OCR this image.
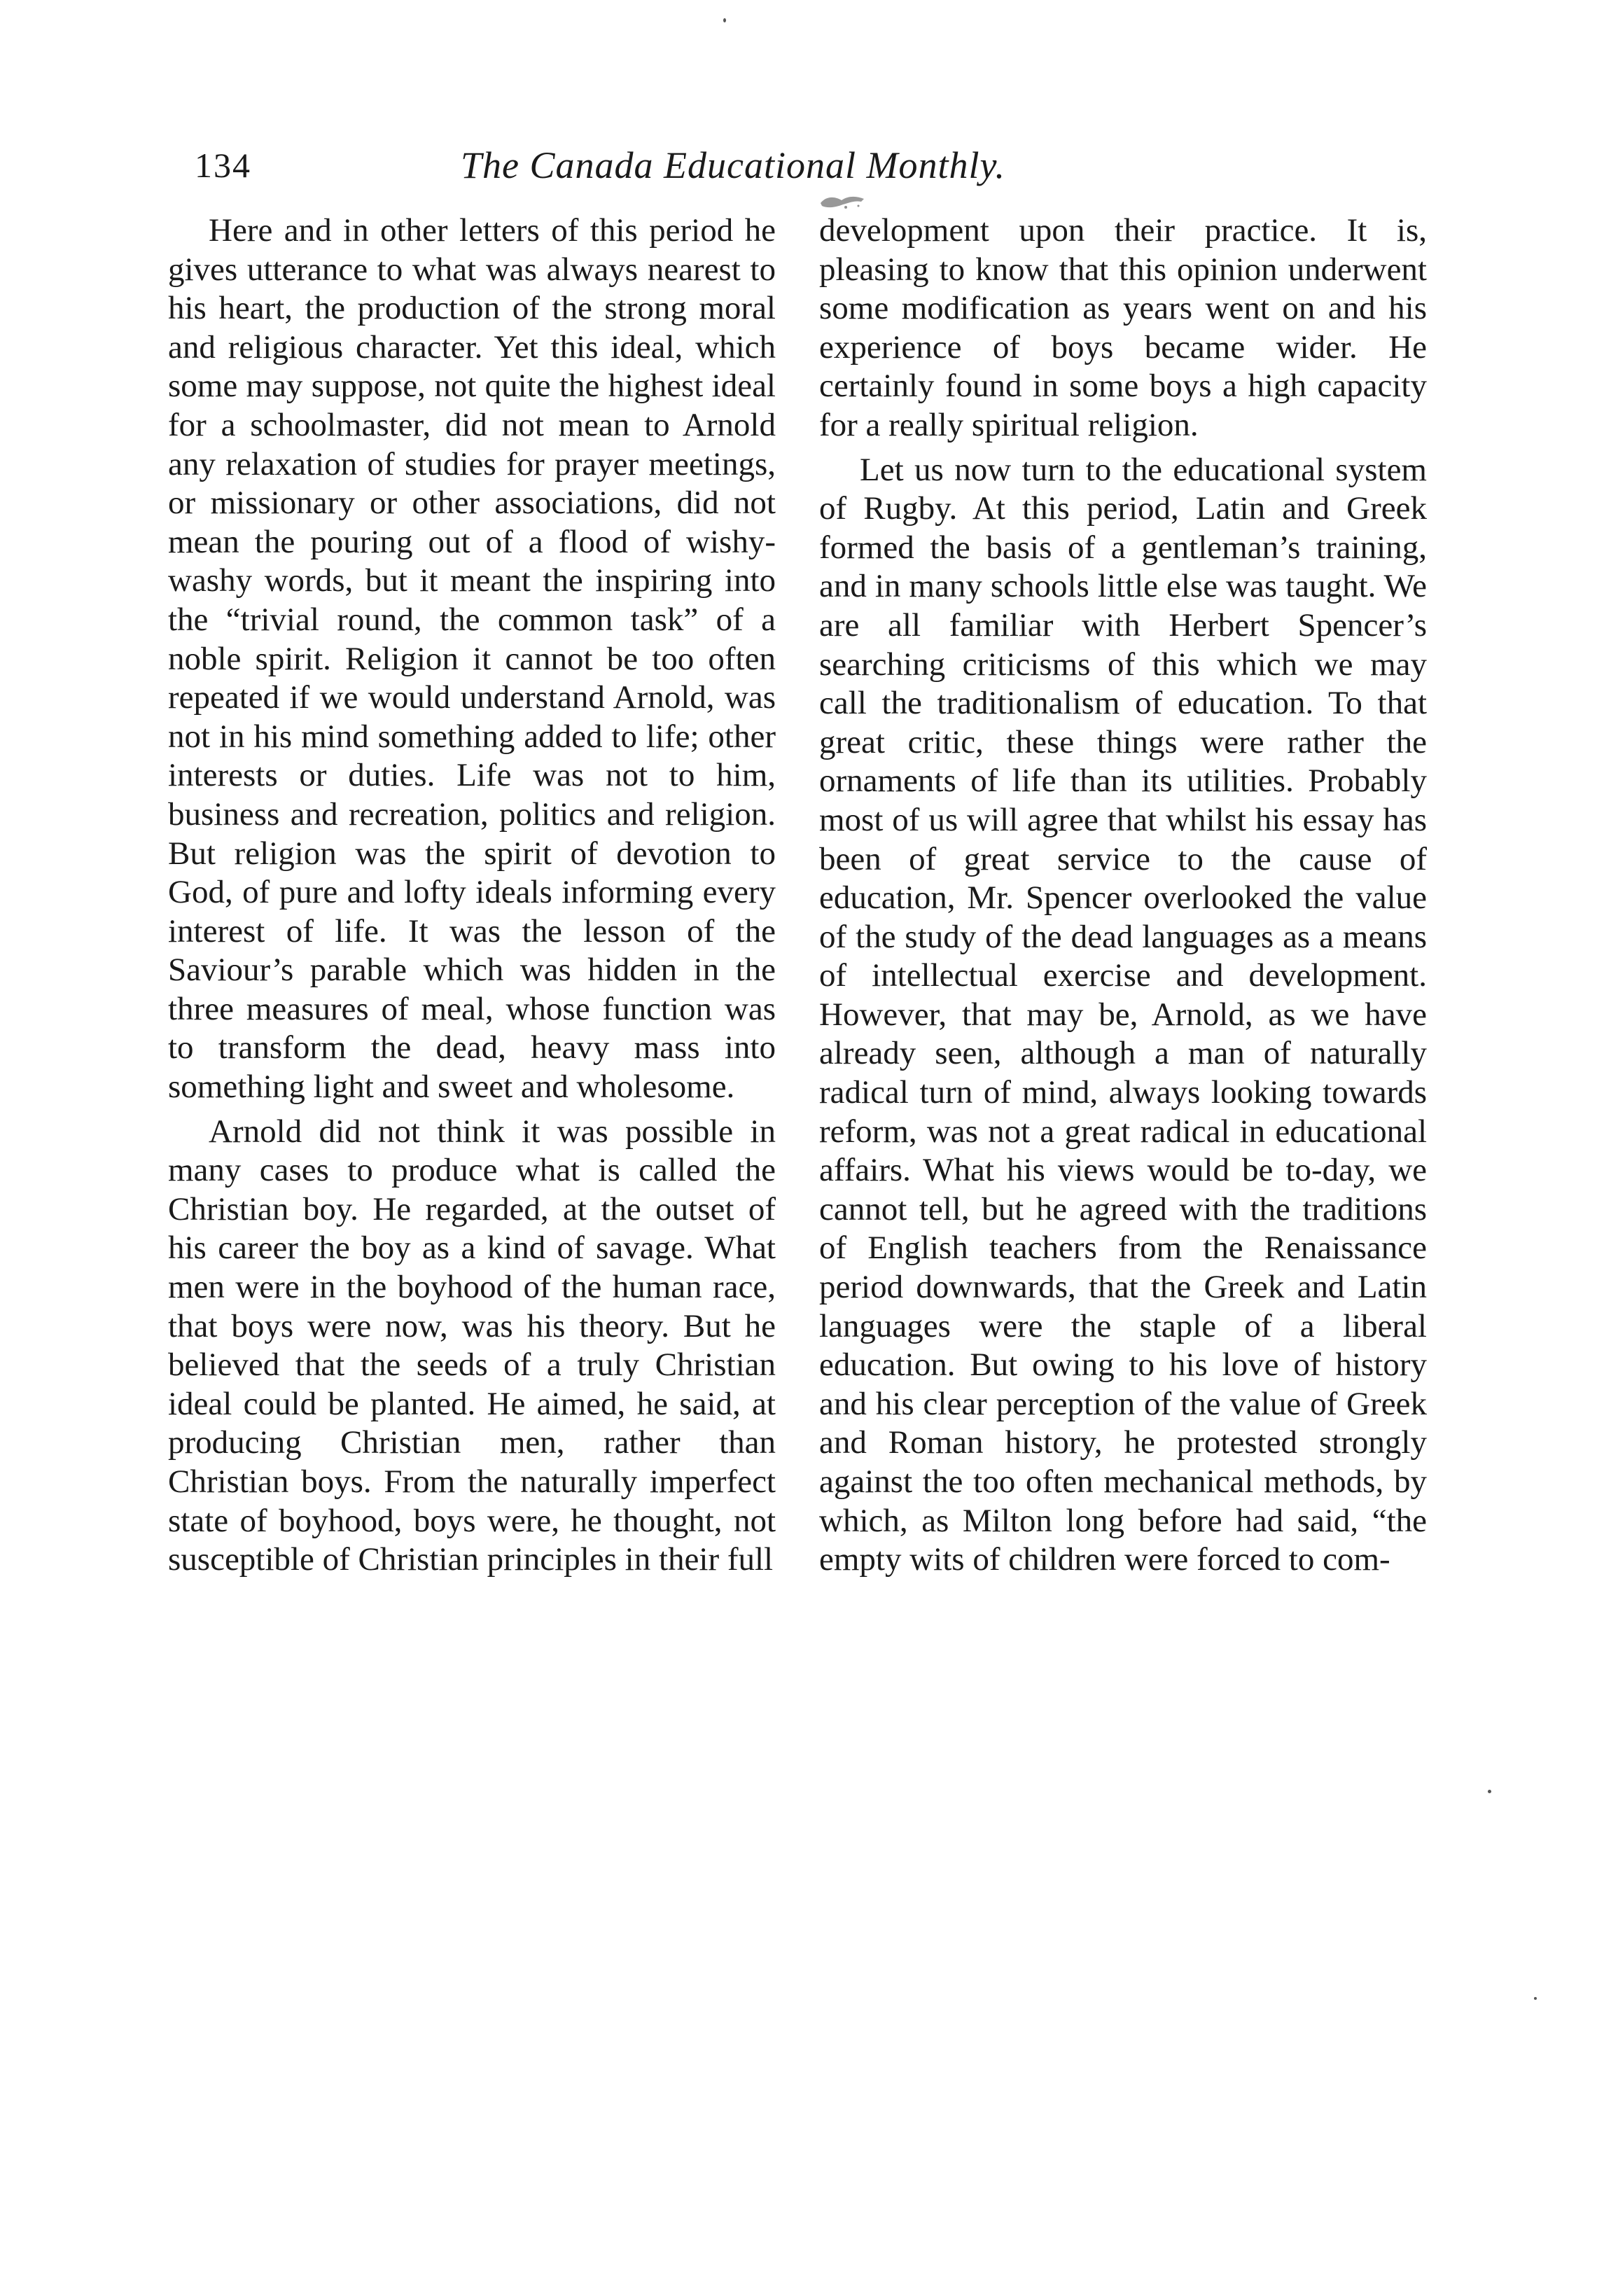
134	The Canada Educational Monthly.

Here and in other letters of this period he gives utterance to what was always nearest to his heart, the production of the strong moral and religious character. Yet this ideal, which some may suppose, not quite the highest ideal for a schoolmaster, did not mean to Arnold any relaxation of studies for prayer meetings, or missionary or other associations, did not mean the pouring out of a flood of wishy-washy words, but it meant the inspiring into the “trivial round, the common task” of a noble spirit. Religion it cannot be too often repeated if we would understand Arnold, was not in his mind something added to life; other interests or duties. Life was not to him, business and recreation, politics and religion. But religion was the spirit of devotion to God, of pure and lofty ideals informing every interest of life. It was the lesson of the Saviour’s parable which was hidden in the three measures of meal, whose function was to transform the dead, heavy mass into something light and sweet and wholesome.

Arnold did not think it was possible in many cases to produce what is called the Christian boy. He regarded, at the outset of his career the boy as a kind of savage. What men were in the boyhood of the human race, that boys were now, was his theory. But he believed that the seeds of a truly Christian ideal could be planted. He aimed, he said, at producing Christian men, rather than Christian boys. From the naturally imperfect state of boyhood, boys were, he thought, not susceptible of Christian principles in their full

development upon their practice. It is, pleasing to know that this opinion underwent some modification as years went on and his experience of boys became wider. He certainly found in some boys a high capacity for a really spiritual religion.

Let us now turn to the educational system of Rugby. At this period, Latin and Greek formed the basis of a gentleman’s training, and in many schools little else was taught. We are all familiar with Herbert Spencer’s searching criticisms of this which we may call the traditionalism of education. To that great critic, these things were rather the ornaments of life than its utilities. Probably most of us will agree that whilst his essay has been of great service to the cause of education, Mr. Spencer overlooked the value of the study of the dead languages as a means of intellectual exercise and development. However, that may be, Arnold, as we have already seen, although a man of naturally radical turn of mind, always looking towards reform, was not a great radical in educational affairs. What his views would be to-day, we cannot tell, but he agreed with the traditions of English teachers from the Renaissance period downwards, that the Greek and Latin languages were the staple of a liberal education. But owing to his love of history and his clear perception of the value of Greek and Roman history, he protested strongly against the too often mechanical methods, by which, as Milton long before had said, “the empty wits of children were forced to com-
